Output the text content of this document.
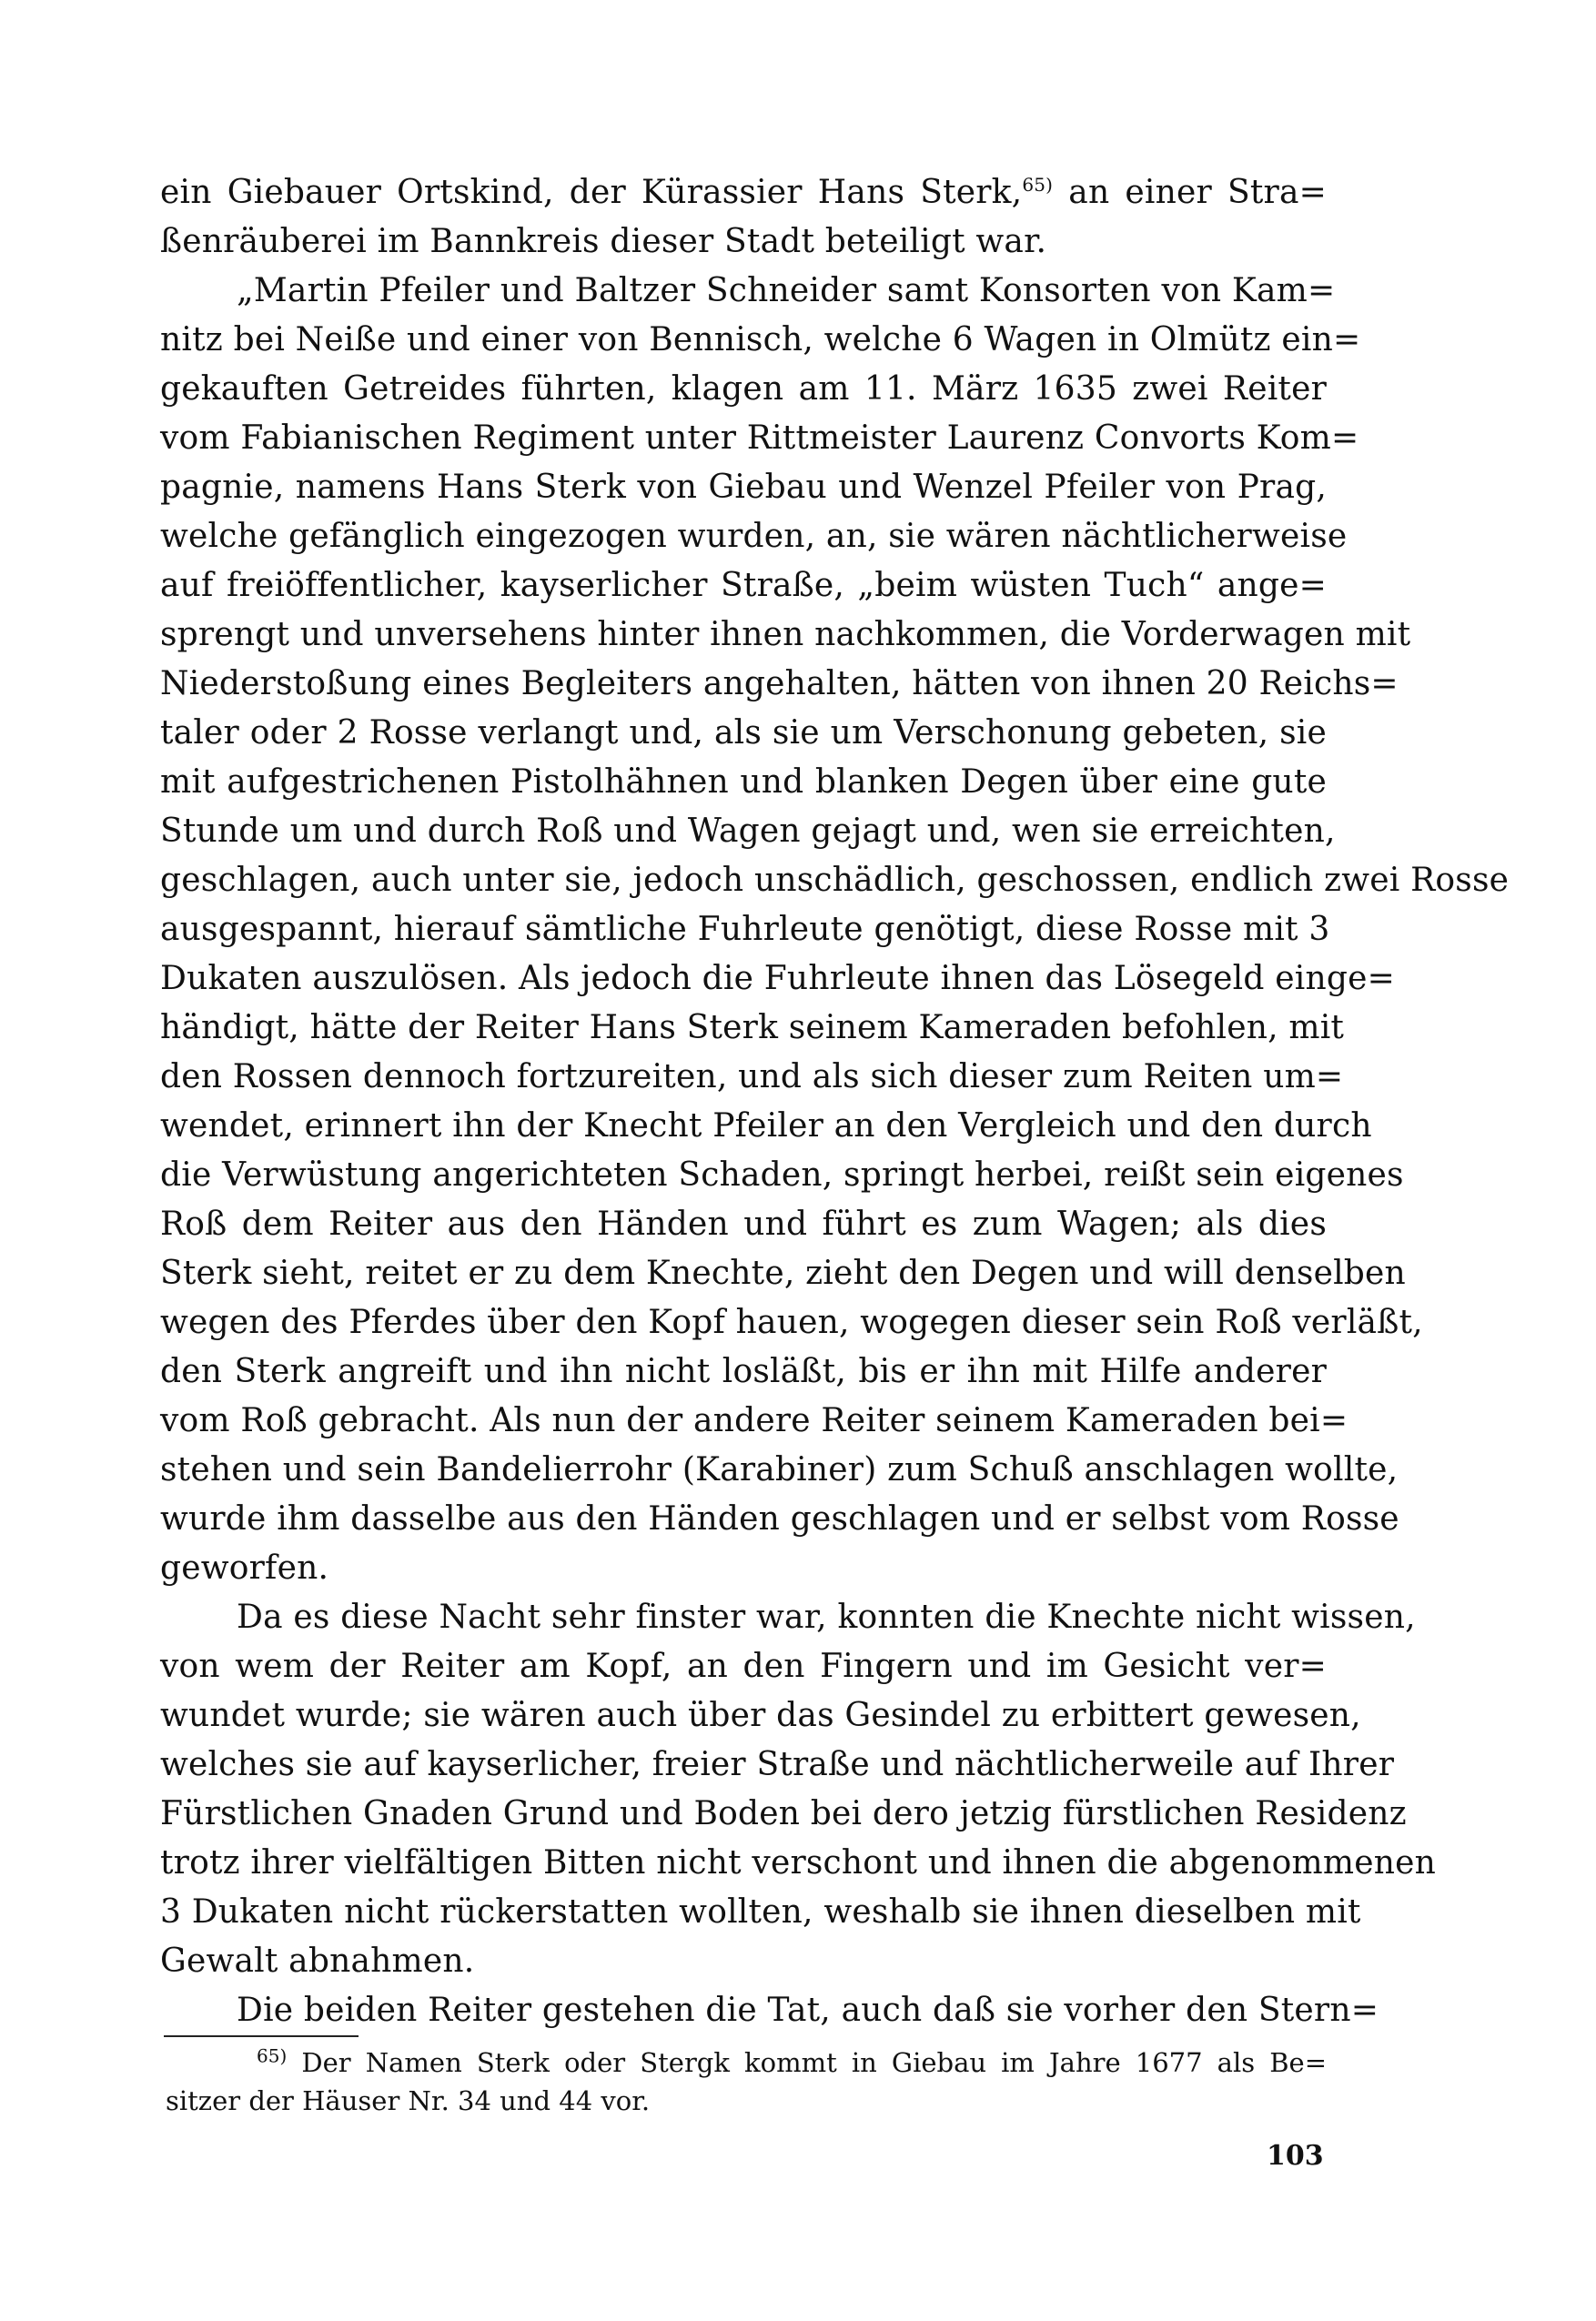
ein Giebauer Ortskind, der Kürassier Hans Sterk,$^{65)}$ an einer Stra=
ßenräuberei im Bannkreis dieser Stadt beteiligt war.
„Martin Pfeiler und Baltzer Schneider samt Konsorten von Kam=
nitz bei Neiße und einer von Bennisch, welche 6 Wagen in Olmütz ein=
gekauften Getreides führten, klagen am 11. März 1635 zwei Reiter
vom Fabianischen Regiment unter Rittmeister Laurenz Convorts Kom=
pagnie, namens Hans Sterk von Giebau und Wenzel Pfeiler von Prag,
welche gefänglich eingezogen wurden, an, sie wären nächtlicherweise
auf freiöffentlicher, kayserlicher Straße, „beim wüsten Tuch“ ange=
sprengt und unversehens hinter ihnen nachkommen, die Vorderwagen mit
Niederstoßung eines Begleiters angehalten, hätten von ihnen 20 Reichs=
taler oder 2 Rosse verlangt und, als sie um Verschonung gebeten, sie
mit aufgestrichenen Pistolhähnen und blanken Degen über eine gute
Stunde um und durch Roß und Wagen gejagt und, wen sie erreichten,
geschlagen, auch unter sie, jedoch unschädlich, geschossen, endlich zwei Rosse
ausgespannt, hierauf sämtliche Fuhrleute genötigt, diese Rosse mit 3
Dukaten auszulösen. Als jedoch die Fuhrleute ihnen das Lösegeld einge=
händigt, hätte der Reiter Hans Sterk seinem Kameraden befohlen, mit
den Rossen dennoch fortzureiten, und als sich dieser zum Reiten um=
wendet, erinnert ihn der Knecht Pfeiler an den Vergleich und den durch
die Verwüstung angerichteten Schaden, springt herbei, reißt sein eigenes
Roß dem Reiter aus den Händen und führt es zum Wagen; als dies
Sterk sieht, reitet er zu dem Knechte, zieht den Degen und will denselben
wegen des Pferdes über den Kopf hauen, wogegen dieser sein Roß verläßt,
den Sterk angreift und ihn nicht losläßt, bis er ihn mit Hilfe anderer
vom Roß gebracht. Als nun der andere Reiter seinem Kameraden bei=
stehen und sein Bandelierrohr (Karabiner) zum Schuß anschlagen wollte,
wurde ihm dasselbe aus den Händen geschlagen und er selbst vom Rosse
geworfen.
Da es diese Nacht sehr finster war, konnten die Knechte nicht wissen,
von wem der Reiter am Kopf, an den Fingern und im Gesicht ver=
wundet wurde; sie wären auch über das Gesindel zu erbittert gewesen,
welches sie auf kayserlicher, freier Straße und nächtlicherweile auf Ihrer
Fürstlichen Gnaden Grund und Boden bei dero jetzig fürstlichen Residenz
trotz ihrer vielfältigen Bitten nicht verschont und ihnen die abgenommenen
3 Dukaten nicht rückerstatten wollten, weshalb sie ihnen dieselben mit
Gewalt abnahmen.
Die beiden Reiter gestehen die Tat, auch daß sie vorher den Stern=
$^{65)}$ Der Namen Sterk oder Stergk kommt in Giebau im Jahre 1677 als Be=
sitzer der Häuser Nr. 34 und 44 vor.
103
